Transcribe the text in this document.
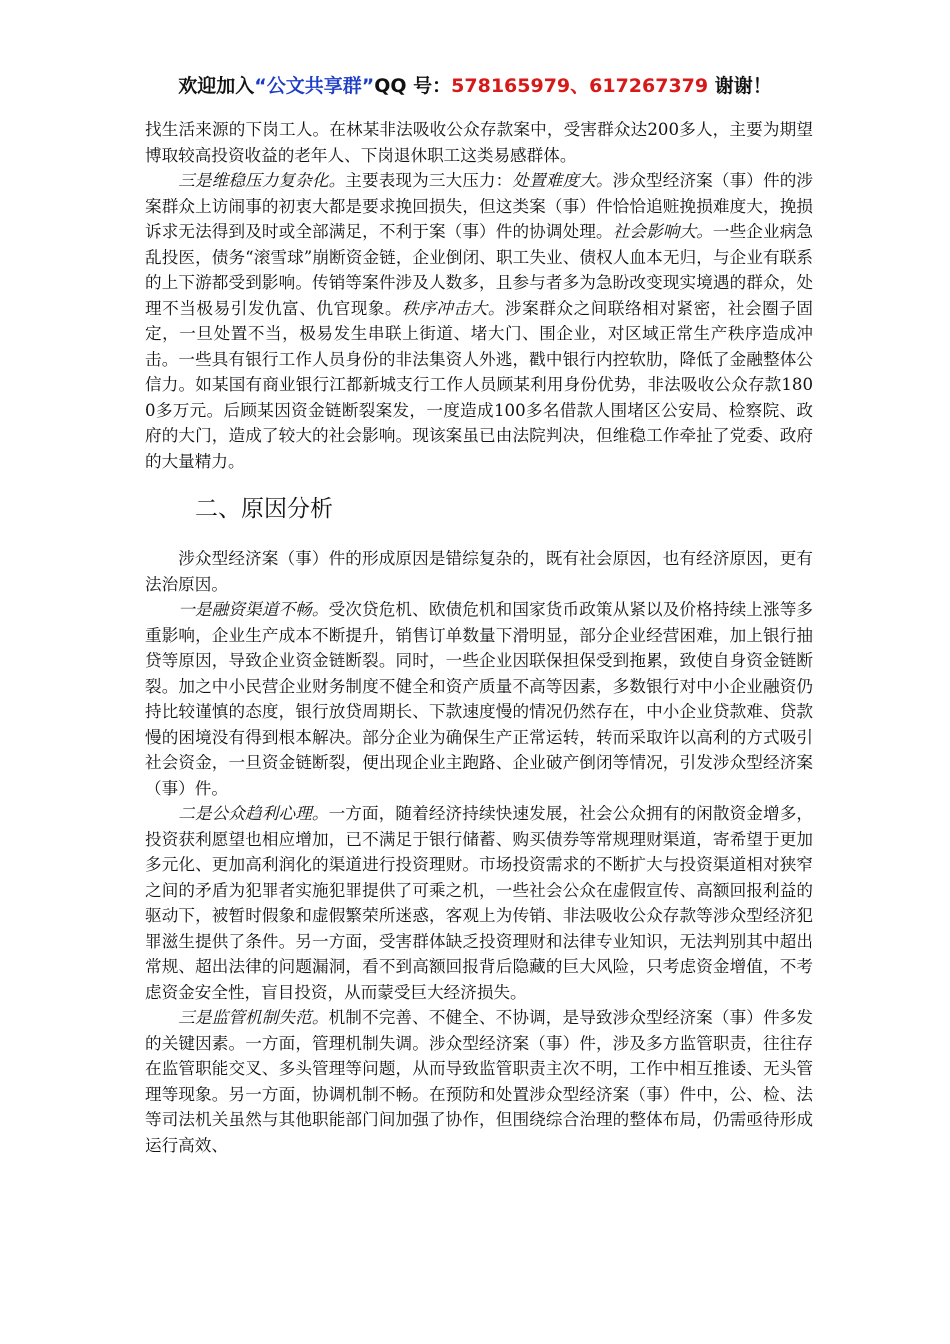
欢迎加入“公文共享群”QQ 号：578165979、617267379 谢谢！

找生活来源的下岗工人。在林某非法吸收公众存款案中，受害群众达200多人，主要为期望博取较高投资收益的老年人、下岗退休职工这类易感群体。

三是维稳压力复杂化。主要表现为三大压力：处置难度大。涉众型经济案（事）件的涉案群众上访闹事的初衷大都是要求挽回损失，但这类案（事）件恰恰追赃挽损难度大，挽损诉求无法得到及时或全部满足，不利于案（事）件的协调处理。社会影响大。一些企业病急乱投医，债务“滚雪球”崩断资金链，企业倒闭、职工失业、债权人血本无归，与企业有联系的上下游都受到影响。传销等案件涉及人数多，且参与者多为急盼改变现实境遇的群众，处理不当极易引发仇富、仇官现象。秩序冲击大。涉案群众之间联络相对紧密，社会圈子固定，一旦处置不当，极易发生串联上街道、堵大门、围企业，对区域正常生产秩序造成冲击。一些具有银行工作人员身份的非法集资人外逃，戳中银行内控软肋，降低了金融整体公信力。如某国有商业银行江都新城支行工作人员顾某利用身份优势，非法吸收公众存款1800多万元。后顾某因资金链断裂案发，一度造成100多名借款人围堵区公安局、检察院、政府的大门，造成了较大的社会影响。现该案虽已由法院判决，但维稳工作牵扯了党委、政府的大量精力。

二、原因分析

涉众型经济案（事）件的形成原因是错综复杂的，既有社会原因，也有经济原因，更有法治原因。

一是融资渠道不畅。受次贷危机、欧债危机和国家货币政策从紧以及价格持续上涨等多重影响，企业生产成本不断提升，销售订单数量下滑明显，部分企业经营困难，加上银行抽贷等原因，导致企业资金链断裂。同时，一些企业因联保担保受到拖累，致使自身资金链断裂。加之中小民营企业财务制度不健全和资产质量不高等因素，多数银行对中小企业融资仍持比较谨慎的态度，银行放贷周期长、下款速度慢的情况仍然存在，中小企业贷款难、贷款慢的困境没有得到根本解决。部分企业为确保生产正常运转，转而采取许以高利的方式吸引社会资金，一旦资金链断裂，便出现企业主跑路、企业破产倒闭等情况，引发涉众型经济案（事）件。

二是公众趋利心理。一方面，随着经济持续快速发展，社会公众拥有的闲散资金增多，投资获利愿望也相应增加，已不满足于银行储蓄、购买债券等常规理财渠道，寄希望于更加多元化、更加高利润化的渠道进行投资理财。市场投资需求的不断扩大与投资渠道相对狭窄之间的矛盾为犯罪者实施犯罪提供了可乘之机，一些社会公众在虚假宣传、高额回报利益的驱动下，被暂时假象和虚假繁荣所迷惑，客观上为传销、非法吸收公众存款等涉众型经济犯罪滋生提供了条件。另一方面，受害群体缺乏投资理财和法律专业知识，无法判别其中超出常规、超出法律的问题漏洞，看不到高额回报背后隐藏的巨大风险，只考虑资金增值，不考虑资金安全性，盲目投资，从而蒙受巨大经济损失。

三是监管机制失范。机制不完善、不健全、不协调，是导致涉众型经济案（事）件多发的关键因素。一方面，管理机制失调。涉众型经济案（事）件，涉及多方监管职责，往往存在监管职能交叉、多头管理等问题，从而导致监管职责主次不明，工作中相互推诿、无头管理等现象。另一方面，协调机制不畅。在预防和处置涉众型经济案（事）件中，公、检、法等司法机关虽然与其他职能部门间加强了协作，但围绕综合治理的整体布局，仍需亟待形成运行高效、
